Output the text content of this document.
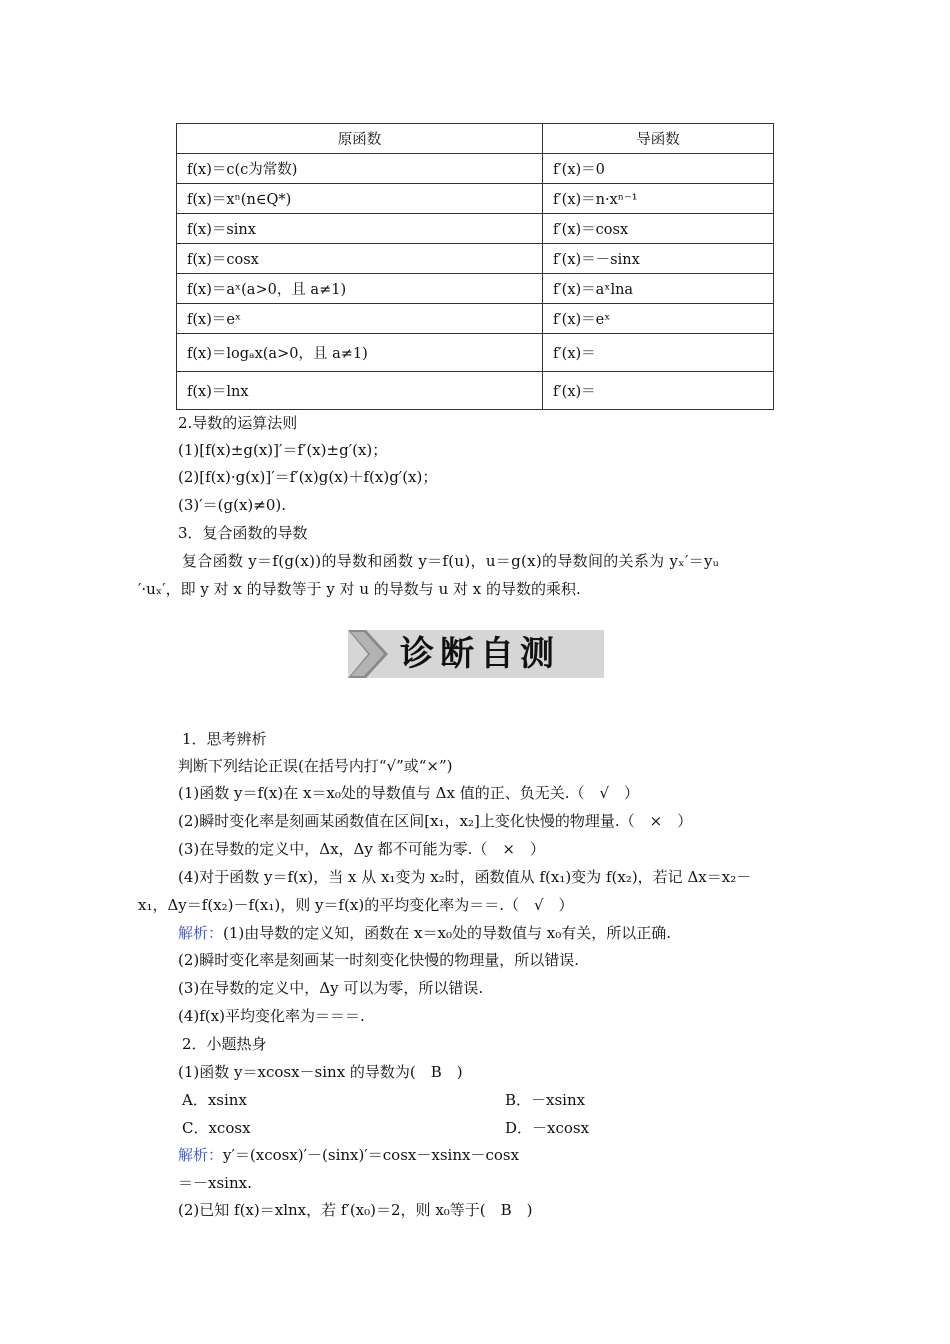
原函数	导函数
f(x)＝c(c为常数)	f′(x)＝0
f(x)＝xⁿ(n∈Q*)	f′(x)＝n·xⁿ⁻¹
f(x)＝sinx	f′(x)＝cosx
f(x)＝cosx	f′(x)＝－sinx
f(x)＝aˣ(a>0，且 a≠1)	f′(x)＝aˣlna
f(x)＝eˣ	f′(x)＝eˣ
f(x)＝logₐx(a>0，且 a≠1)	f′(x)＝
f(x)＝lnx	f′(x)＝
2.导数的运算法则
(1)[f(x)±g(x)]′＝f′(x)±g′(x)；
(2)[f(x)·g(x)]′＝f′(x)g(x)＋f(x)g′(x)；
(3)′＝(g(x)≠0).
3．复合函数的导数
复合函数 y＝f(g(x))的导数和函数 y＝f(u)，u＝g(x)的导数间的关系为 yₓ′＝yᵤ
′·uₓ′，即 y 对 x 的导数等于 y 对 u 的导数与 u 对 x 的导数的乘积.
诊断自测
1．思考辨析
判断下列结论正误(在括号内打“√”或“×”)
(1)函数 y＝f(x)在 x＝x₀处的导数值与 Δx 值的正、负无关.（　√　）
(2)瞬时变化率是刻画某函数值在区间[x₁，x₂]上变化快慢的物理量.（　×　）
(3)在导数的定义中，Δx，Δy 都不可能为零.（　×　）
(4)对于函数 y＝f(x)，当 x 从 x₁变为 x₂时，函数值从 f(x₁)变为 f(x₂)，若记 Δx＝x₂－
x₁，Δy＝f(x₂)－f(x₁)，则 y＝f(x)的平均变化率为＝＝.（　√　）
解析：(1)由导数的定义知，函数在 x＝x₀处的导数值与 x₀有关，所以正确.
(2)瞬时变化率是刻画某一时刻变化快慢的物理量，所以错误.
(3)在导数的定义中，Δy 可以为零，所以错误.
(4)f(x)平均变化率为＝＝＝.
2．小题热身
(1)函数 y＝xcosx－sinx 的导数为(　B　)
A．xsinx	B．－xsinx
C．xcosx	D．－xcosx
解析：y′＝(xcosx)′－(sinx)′＝cosx－xsinx－cosx
＝－xsinx.
(2)已知 f(x)＝xlnx，若 f′(x₀)＝2，则 x₀等于(　B　)
